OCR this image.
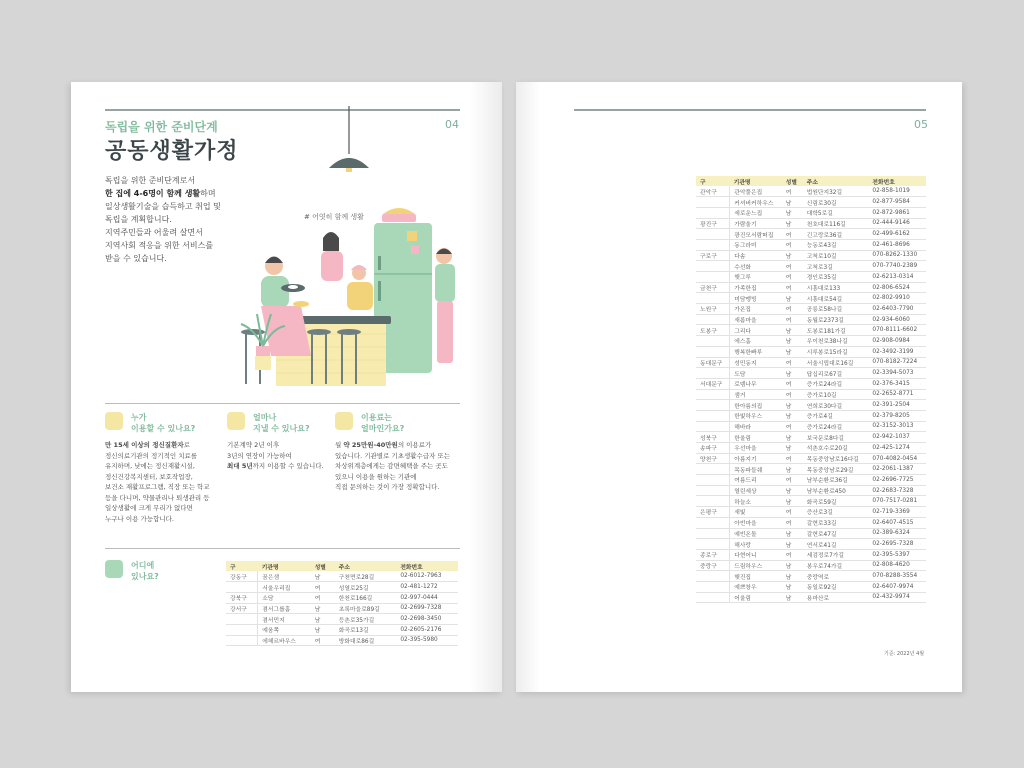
04
독립을 위한 준비단계
공동생활가정
독립을 위한 준비단계로서
한 집에 4-6명이 함께 생활하며
일상생활기술을 습득하고 취업 및
독립을 계획합니다.
지역주민들과 어울려 살면서
지역사회 적응을 위한 서비스를
받을 수 있습니다.
# 어엿히 함께 생활
누가
이용할 수 있나요?
만 15세 이상의 정신질환자로
정신의료기관의 정기적인 치료를
유지하며, 낮에는 정신재활시설,
정신건강복지센터, 보호작업장,
보건소 재활프로그램, 직장 또는 학교
등을 다니며, 약물관리나 퇴생관리 등
일상생활에 크게 무리가 없다면
누구나 이용 가능합니다.
얼마나
지낼 수 있나요?
기본계약 2년 이후
3년의 연장이 가능하여
최대 5년까지 이용할 수 있습니다.
이용료는
얼마인가요?
월 약 25만원-40만원의 이용료가
있습니다. 기관별로 기초생활수급자 또는
차상위계층에게는 감면혜택을 주는 곳도
있으니 이용을 원하는 기관에
직접 문의하는 것이 가장 정확합니다.
어디에
있나요?
구	기관명	성별	주소	전화번호
강동구	꿈은샘	남	구천면로28길	02-6012-7963
	서울우리집	여	성열로25길	02-481-1272
강북구	소담	여	한천로166길	02-997-0444
강서구	겸서그룹홈	남	초록마을로89길	02-2699-7328
	겸서민지	남	등촌로35가길	02-2698-3450
	예움쪽	남	화곡로13길	02-2605-2176
	에헤르바우스	여	방화대로86길	02-395-5980
05
구	기관명	성별	주소	전화번호
관악구	관악풀은집	여	법원단지32길	02-858-1019
	커셔버커하우스	남	신림로30길	02-877-9584
	세로운느집	남	대학5로길	02-872-9861
광진구	가람울기	남	천호대로116길	02-444-9146
	광진모서람떠집	여	긴고랑로36길	02-499-6162
	동그라미	여	능동로43길	02-461-8696
구로구	다솜	남	고척로10길	070-8262-1330
	수선화	여	고척로3길	070-7740-2389
	햇그루	여	경인로35길	02-6213-0314
금천구	가족한집	여	시흥대로133	02-806-6524
	미담맹빙	남	시흥대로54길	02-802-9910
노원구	가온집	여	공릉로58나길	02-6403-7790
	새롬마을	여	동월로2373길	02-934-6060
도봉구	그리다	남	도봉로181가길	070-8111-6602
	에스홈	남	우이천로38나길	02-908-0984
	행복한빠루	남	시루봉로15라길	02-3492-3199
동대문구	성민동지	여	서울시립대로16길	070-8182-7224
	도담	남	답십리로67길	02-3394-5073
서대문구	로뎀나무	여	증가로24라길	02-376-3415
	샘거	여	증가로10길	02-2652-8771
	한아름의집	남	연희로30다길	02-391-2504
	한빛하우스	남	증가로4길	02-379-8205
	해바라	여	증가로24라길	02-3152-3013
성북구	한울림	남	보국문로8다길	02-942-1037
송파구	우선마을	남	석촌호수로20길	02-425-1274
양천구	아름지기	여	목동중앙남로16다길	070-4082-0454
	목동파들쉐	남	목동중앙남로29길	02-2061-1387
	여름드리	여	남부순환로36길	02-2696-7725
	열린세상	남	남부순환로450	02-2683-7328
	하늘소	남	화곡로59길	070-7517-0281
은평구	새빛	여	증산로3길	02-719-3369
	아빈마을	여	갈현로33길	02-6407-4515
	예빈온돌	남	갈현로47길	02-389-6324
	해사랑	남	연서로41길	02-2695-7328
종로구	다현어니	여	세검정로7가길	02-395-5397
중랑구	드림하우스	남	봉우로74가길	02-808-4620
	햇진집	남	중랑역로	070-8288-3554
	예쁘창우	남	동일로92길	02-6407-9974
	어울림	남	용마산로	02-432-9974
기준: 2022년 4월
